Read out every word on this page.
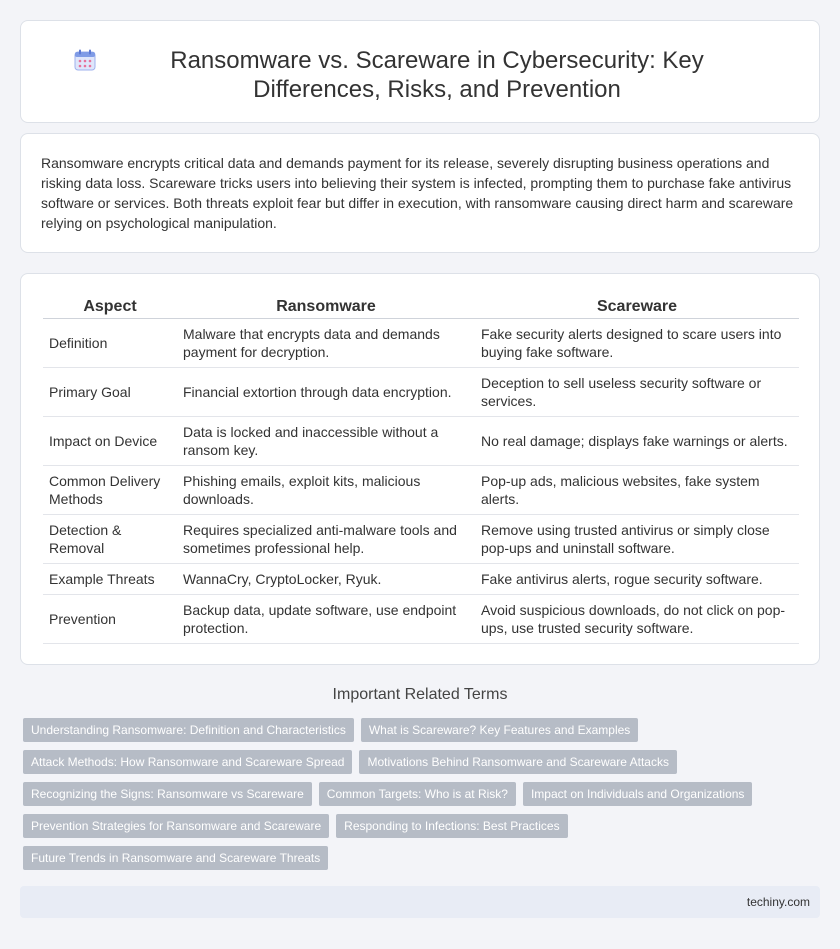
Ransomware vs. Scareware in Cybersecurity: Key Differences, Risks, and Prevention

Ransomware encrypts critical data and demands payment for its release, severely disrupting business operations and risking data loss. Scareware tricks users into believing their system is infected, prompting them to purchase fake antivirus software or services. Both threats exploit fear but differ in execution, with ransomware causing direct harm and scareware relying on psychological manipulation.

Aspect	Ransomware	Scareware
Definition	Malware that encrypts data and demands payment for decryption.	Fake security alerts designed to scare users into buying fake software.
Primary Goal	Financial extortion through data encryption.	Deception to sell useless security software or services.
Impact on Device	Data is locked and inaccessible without a ransom key.	No real damage; displays fake warnings or alerts.
Common Delivery Methods	Phishing emails, exploit kits, malicious downloads.	Pop-up ads, malicious websites, fake system alerts.
Detection & Removal	Requires specialized anti-malware tools and sometimes professional help.	Remove using trusted antivirus or simply close pop-ups and uninstall software.
Example Threats	WannaCry, CryptoLocker, Ryuk.	Fake antivirus alerts, rogue security software.
Prevention	Backup data, update software, use endpoint protection.	Avoid suspicious downloads, do not click on pop-ups, use trusted security software.
Important Related Terms
Understanding Ransomware: Definition and Characteristics	What is Scareware? Key Features and Examples
Attack Methods: How Ransomware and Scareware Spread	Motivations Behind Ransomware and Scareware Attacks
Recognizing the Signs: Ransomware vs Scareware	Common Targets: Who is at Risk?	Impact on Individuals and Organizations
Prevention Strategies for Ransomware and Scareware	Responding to Infections: Best Practices
Future Trends in Ransomware and Scareware Threats
techiny.com
